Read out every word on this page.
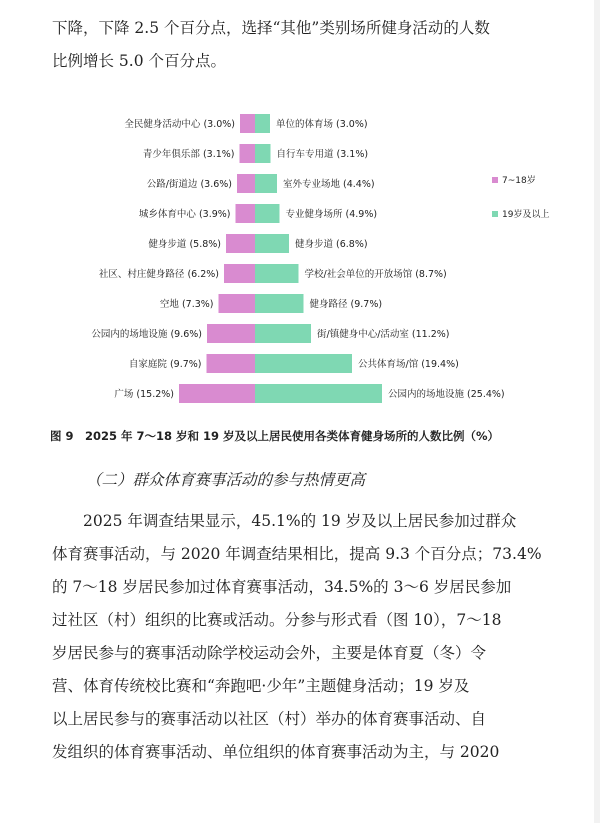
下降，下降 2.5 个百分点，选择“其他”类别场所健身活动的人数
比例增长 5.0 个百分点。
全民健身活动中心 (3.0%)	单位的体育场 (3.0%)
青少年俱乐部 (3.1%)	自行车专用道 (3.1%)
公路/街道边 (3.6%)	室外专业场地 (4.4%)
城乡体育中心 (3.9%)	专业健身场所 (4.9%)
健身步道 (5.8%)	健身步道 (6.8%)
社区、村庄健身路径 (6.2%)	学校/社会单位的开放场馆 (8.7%)
空地 (7.3%)	健身路径 (9.7%)
公园内的场地设施 (9.6%)	街/镇健身中心/活动室 (11.2%)
自家庭院 (9.7%)	公共体育场/馆 (19.4%)
广场 (15.2%)	公园内的场地设施 (25.4%)
7~18岁
19岁及以上
图 9　2025 年 7～18 岁和 19 岁及以上居民使用各类体育健身场所的人数比例（%）
（二）群众体育赛事活动的参与热情更高
　　2025 年调查结果显示，45.1%的 19 岁及以上居民参加过群众
体育赛事活动，与 2020 年调查结果相比，提高 9.3 个百分点；73.4%
的 7～18 岁居民参加过体育赛事活动，34.5%的 3～6 岁居民参加
过社区（村）组织的比赛或活动。分参与形式看（图 10），7～18
岁居民参与的赛事活动除学校运动会外，主要是体育夏（冬）令
营、体育传统校比赛和“奔跑吧·少年”主题健身活动；19 岁及
以上居民参与的赛事活动以社区（村）举办的体育赛事活动、自
发组织的体育赛事活动、单位组织的体育赛事活动为主，与 2020
